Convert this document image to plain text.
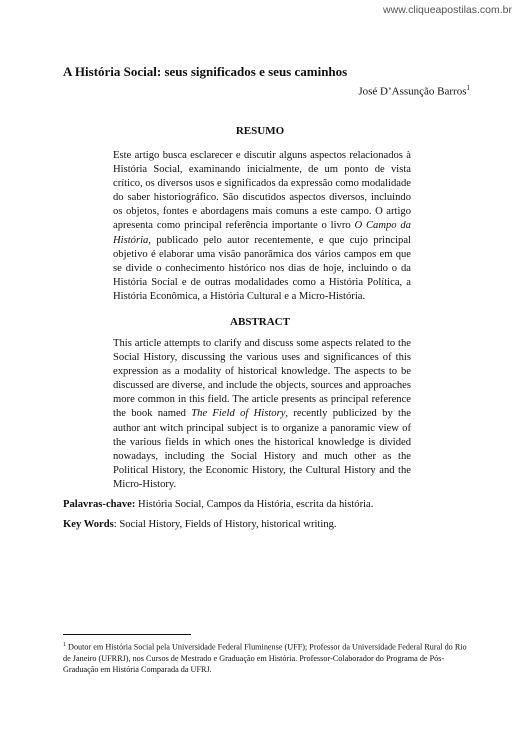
www.cliqueapostilas.com.br
A História Social: seus significados e seus caminhos
José D’Assunção Barros$^1$
RESUMO

Este artigo busca esclarecer e discutir alguns aspectos relacionados à História Social, examinando inicialmente, de um ponto de vista crítico, os diversos usos e significados da expressão como modalidade do saber historiográfico. São discutidos aspectos diversos, incluindo os objetos, fontes e abordagens mais comuns a este campo. O artigo apresenta como principal referência importante o livro O Campo da História, publicado pelo autor recentemente, e que cujo principal objetivo é elaborar uma visão panorâmica dos vários campos em que se divide o conhecimento histórico nos dias de hoje, incluindo o da História Social e de outras modalidades como a História Política, a História Econômica, a História Cultural e a Micro-História.

ABSTRACT

This article attempts to clarify and discuss some aspects related to the Social History, discussing the various uses and significances of this expression as a modality of historical knowledge. The aspects to be discussed are diverse, and include the objects, sources and approaches more common in this field. The article presents as principal reference the book named The Field of History, recently publicized by the author ant witch principal subject is to organize a panoramic view of the various fields in which ones the historical knowledge is divided nowadays, including the Social History and much other as the Political History, the Economic History, the Cultural History and the Micro-History.

Palavras-chave: História Social, Campos da História, escrita da história.
Key Words: Social History, Fields of History, historical writing.

$^1$ Doutor em História Social pela Universidade Federal Fluminense (UFF); Professor da Universidade Federal Rural do Rio de Janeiro (UFRRJ), nos Cursos de Mestrado e Graduação em História. Professor-Colaborador do Programa de Pós-Graduação em História Comparada da UFRJ.
